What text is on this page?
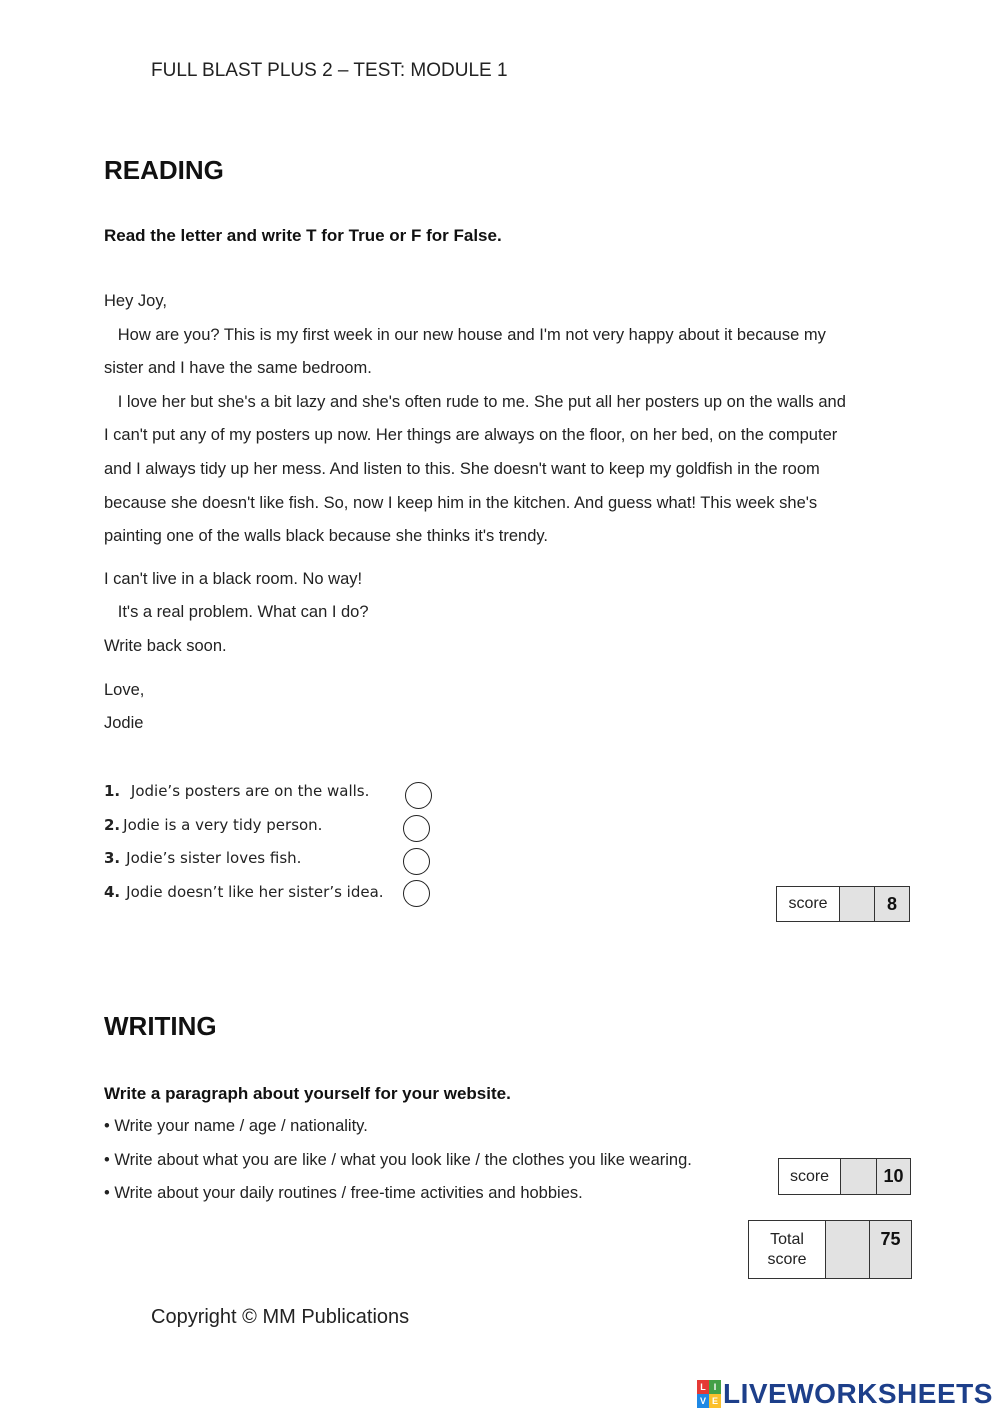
FULL BLAST PLUS 2 – TEST: MODULE 1
READING
Read the letter and write T for True or F for False.
Hey Joy,
How are you? This is my first week in our new house and I'm not very happy about it because my
sister and I have the same bedroom.
I love her but she's a bit lazy and she's often rude to me. She put all her posters up on the walls and
I can't put any of my posters up now. Her things are always on the floor, on her bed, on the computer
and I always tidy up her mess. And listen to this. She doesn't want to keep my goldfish in the room
because she doesn't like fish. So, now I keep him in the kitchen. And guess what! This week she's
painting one of the walls black because she thinks it's trendy.
I can't live in a black room. No way!
It's a real problem. What can I do?
Write back soon.
Love,
Jodie
1. Jodie’s posters are on the walls.
2. Jodie is a very tidy person.
3. Jodie’s sister loves fish.
4. Jodie doesn’t like her sister’s idea.
score	8
WRITING
Write a paragraph about yourself for your website.
• Write your name / age / nationality.
• Write about what you are like / what you look like / the clothes you like wearing.
• Write about your daily routines / free-time activities and hobbies.
score	10
Total
score
75
Copyright © MM Publications
L I
V E LIVEWORKSHEETS
